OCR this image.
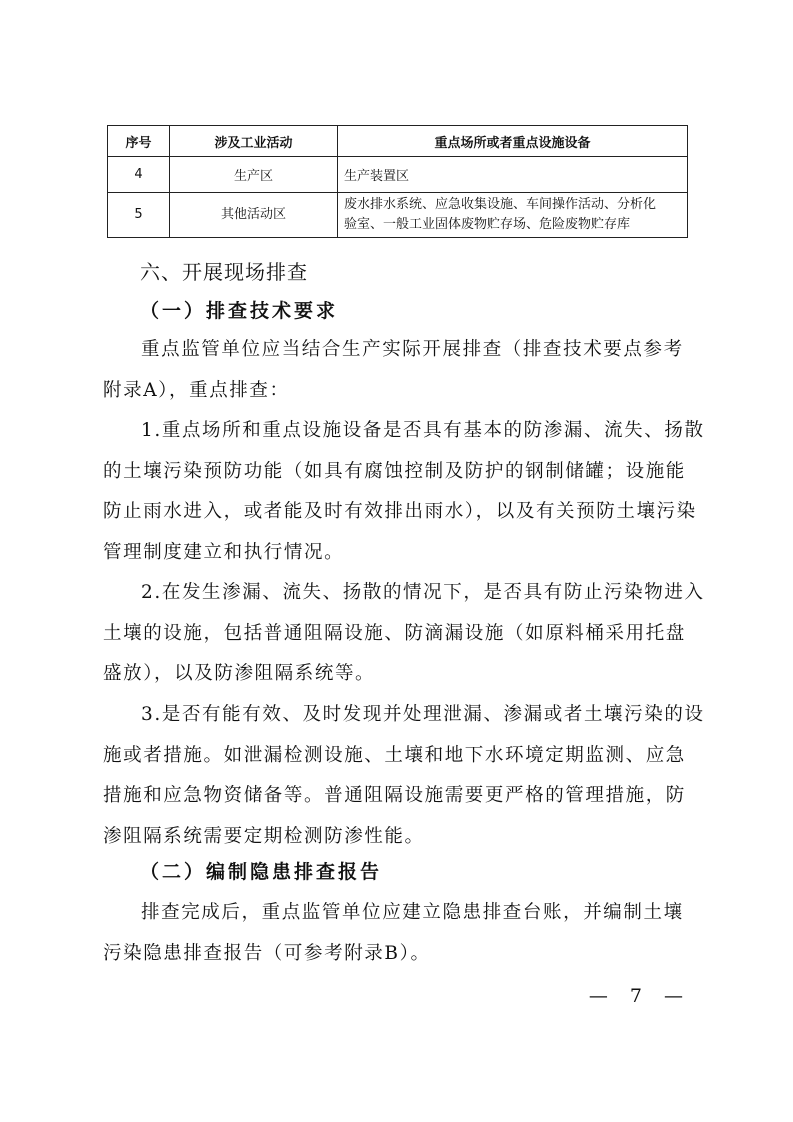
序号	涉及工业活动	重点场所或者重点设施设备
4	生产区	生产装置区
5	其他活动区	废水排水系统、应急收集设施、车间操作活动、分析化
验室、一般工业固体废物贮存场、危险废物贮存库
六、开展现场排查
（一）排查技术要求
重点监管单位应当结合生产实际开展排查（排查技术要点参考
附录A），重点排查：
1.重点场所和重点设施设备是否具有基本的防渗漏、流失、扬散
的土壤污染预防功能（如具有腐蚀控制及防护的钢制储罐；设施能
防止雨水进入，或者能及时有效排出雨水），以及有关预防土壤污染
管理制度建立和执行情况。
2.在发生渗漏、流失、扬散的情况下，是否具有防止污染物进入
土壤的设施，包括普通阻隔设施、防滴漏设施（如原料桶采用托盘
盛放），以及防渗阻隔系统等。
3.是否有能有效、及时发现并处理泄漏、渗漏或者土壤污染的设
施或者措施。如泄漏检测设施、土壤和地下水环境定期监测、应急
措施和应急物资储备等。普通阻隔设施需要更严格的管理措施，防
渗阻隔系统需要定期检测防渗性能。
（二）编制隐患排查报告
排查完成后，重点监管单位应建立隐患排查台账，并编制土壤
污染隐患排查报告（可参考附录B）。
— 7 —
